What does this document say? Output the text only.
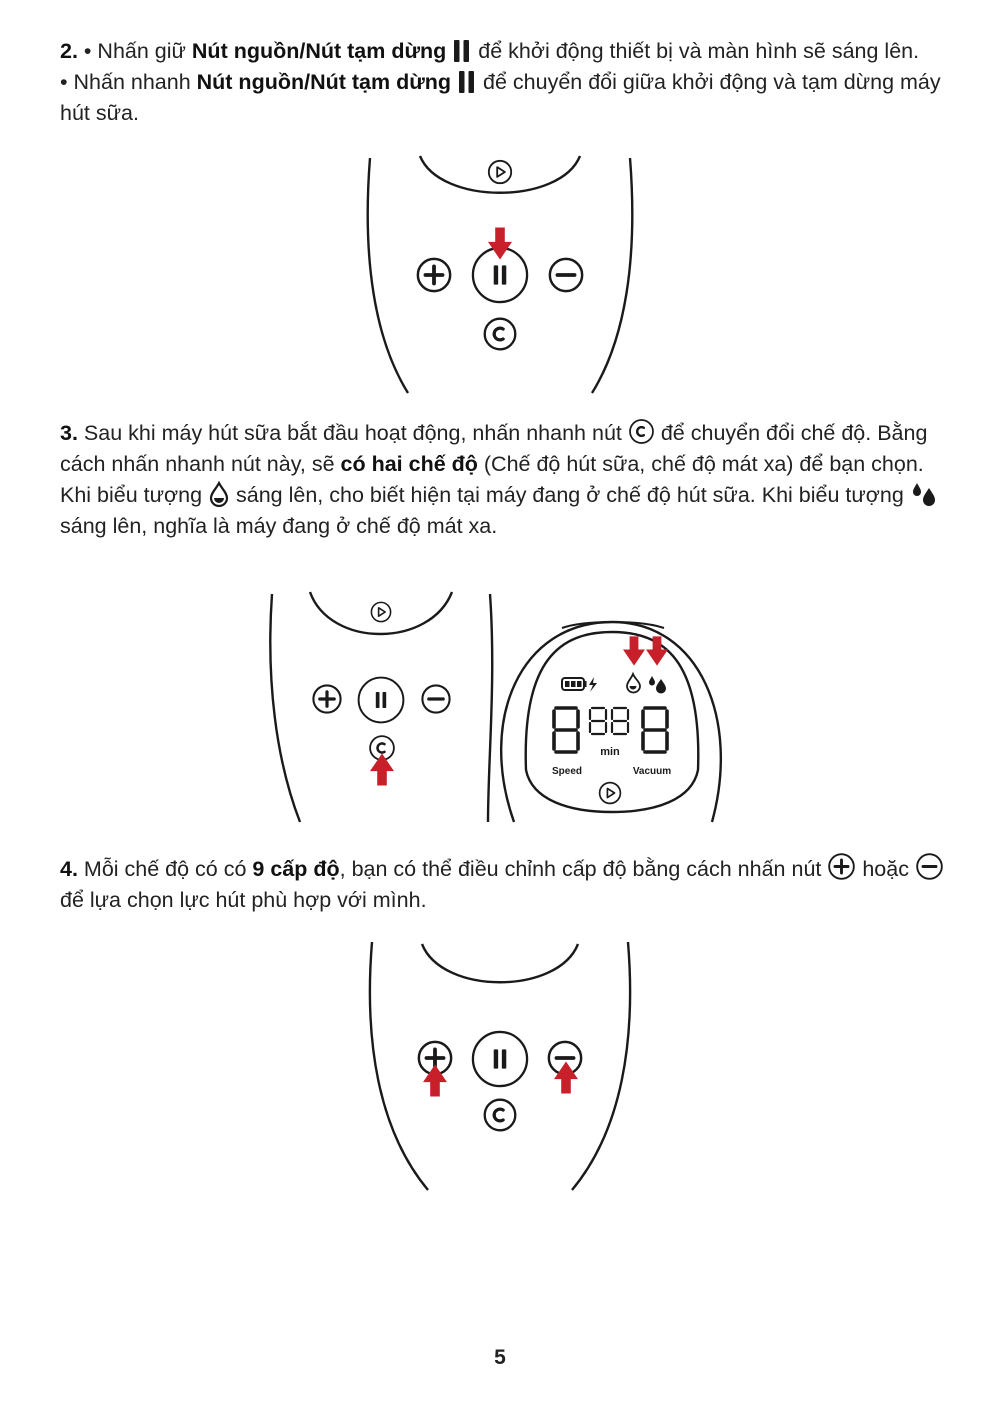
2. • Nhấn giữ Nút nguồn/Nút tạm dừng  để khởi động thiết bị và màn hình sẽ sáng lên.
• Nhấn nhanh Nút nguồn/Nút tạm dừng  để chuyển đổi giữa khởi động và tạm dừng máy hút sữa.

3. Sau khi máy hút sữa bắt đầu hoạt động, nhấn nhanh nút  để chuyển đổi chế độ. Bằng cách nhấn nhanh nút này, sẽ có hai chế độ (Chế độ hút sữa, chế độ mát xa) để bạn chọn. Khi biểu tượng  sáng lên, cho biết hiện tại máy đang ở chế độ hút sữa. Khi biểu tượng  sáng lên, nghĩa là máy đang ở chế độ mát xa.

min
Speed	Vacuum

4. Mỗi chế độ có có 9 cấp độ, bạn có thể điều chỉnh cấp độ bằng cách nhấn nút  hoặc  để lựa chọn lực hút phù hợp với mình.

5
